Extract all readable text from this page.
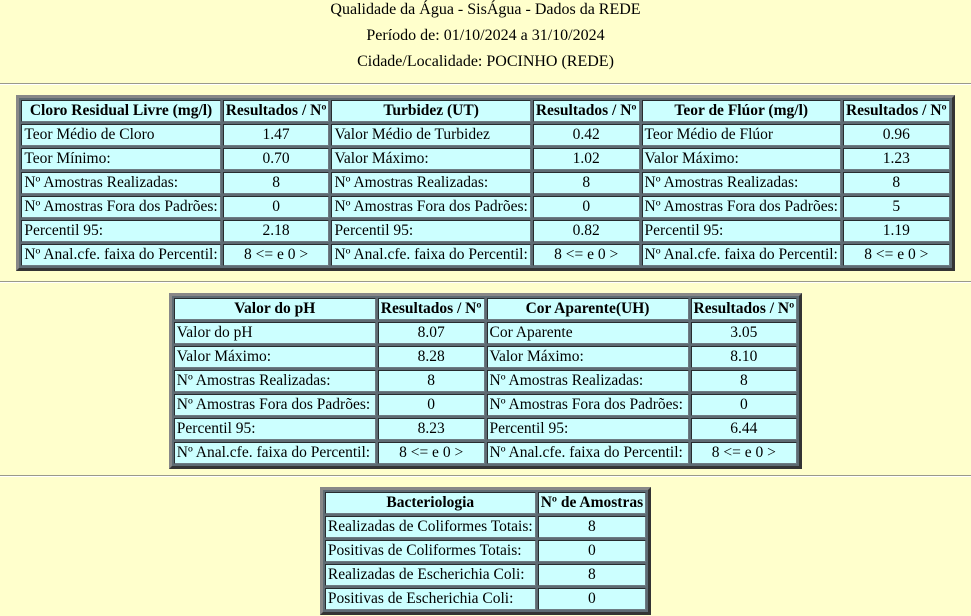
Qualidade da Água - SisÁgua - Dados da REDE
Período de: 01/10/2024 a 31/10/2024
Cidade/Localidade: POCINHO (REDE)
Cloro Residual Livre (mg/l)	Resultados / Nº	Turbidez (UT)	Resultados / Nº	Teor de Flúor (mg/l)	Resultados / Nº
Teor Médio de Cloro	1.47	Valor Médio de Turbidez	0.42	Teor Médio de Flúor	0.96
Teor Mínimo:	0.70	Valor Máximo:	1.02	Valor Máximo:	1.23
Nº Amostras Realizadas:	8	Nº Amostras Realizadas:	8	Nº Amostras Realizadas:	8
Nº Amostras Fora dos Padrões:	0	Nº Amostras Fora dos Padrões:	0	Nº Amostras Fora dos Padrões:	5
Percentil 95:	2.18	Percentil 95:	0.82	Percentil 95:	1.19
Nº Anal.cfe. faixa do Percentil:	8 <= e 0 >	Nº Anal.cfe. faixa do Percentil:	8 <= e 0 >	Nº Anal.cfe. faixa do Percentil:	8 <= e 0 >
Valor do pH	Resultados / Nº	Cor Aparente(UH)	Resultados / Nº
Valor do pH	8.07	Cor Aparente	3.05
Valor Máximo:	8.28	Valor Máximo:	8.10
Nº Amostras Realizadas:	8	Nº Amostras Realizadas:	8
Nº Amostras Fora dos Padrões:	0	Nº Amostras Fora dos Padrões:	0
Percentil 95:	8.23	Percentil 95:	6.44
Nº Anal.cfe. faixa do Percentil:	8 <= e 0 >	Nº Anal.cfe. faixa do Percentil:	8 <= e 0 >
Bacteriologia	Nº de Amostras
Realizadas de Coliformes Totais:	8
Positivas de Coliformes Totais:	0
Realizadas de Escherichia Coli:	8
Positivas de Escherichia Coli:	0
